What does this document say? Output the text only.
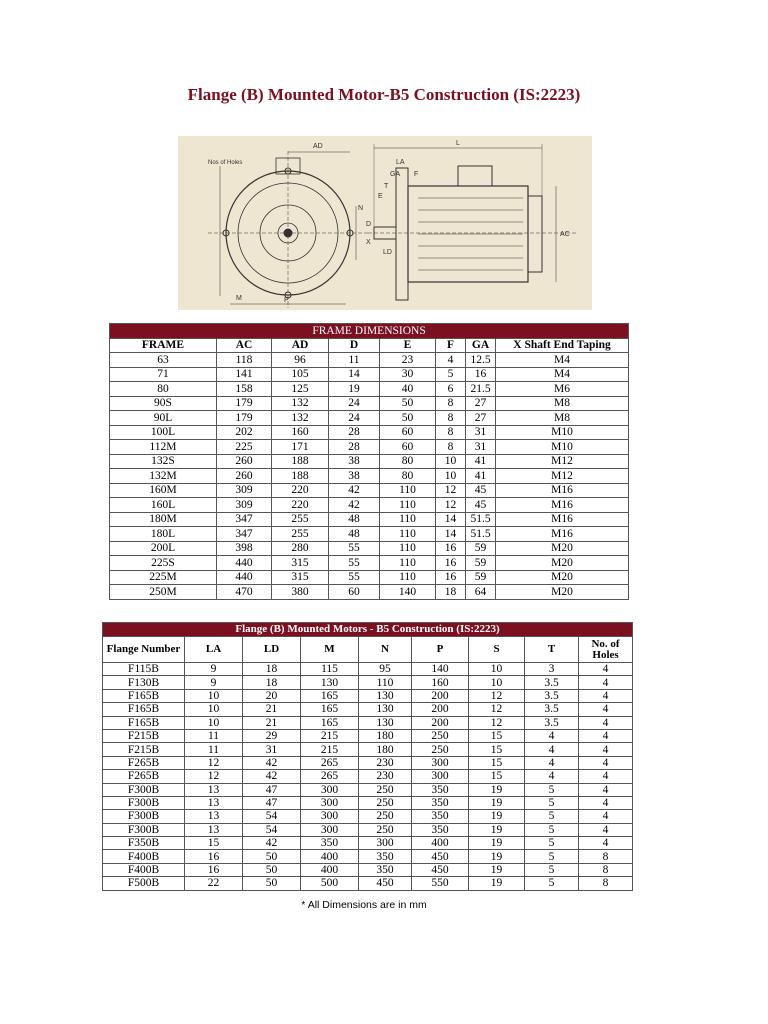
Flange (B) Mounted Motor-B5 Construction (IS:2223)
AD	L
LA
LD
T
F
GA
E
AC
D
X
N
M	P
Nos of Holes
FRAME DIMENSIONS							
FRAME	AC	AD	D	E	F	GA	X Shaft End Taping
63	118	96	11	23	4	12.5	M4
71	141	105	14	30	5	16	M4
80	158	125	19	40	6	21.5	M6
90S	179	132	24	50	8	27	M8
90L	179	132	24	50	8	27	M8
100L	202	160	28	60	8	31	M10
112M	225	171	28	60	8	31	M10
132S	260	188	38	80	10	41	M12
132M	260	188	38	80	10	41	M12
160M	309	220	42	110	12	45	M16
160L	309	220	42	110	12	45	M16
180M	347	255	48	110	14	51.5	M16
180L	347	255	48	110	14	51.5	M16
200L	398	280	55	110	16	59	M20
225S	440	315	55	110	16	59	M20
225M	440	315	55	110	16	59	M20
250M	470	380	60	140	18	64	M20
Flange (B) Mounted Motors - B5 Construction (IS:2223)								
Flange Number	LA	LD	M	N	P	S	T	No. of Holes
F115B	9	18	115	95	140	10	3	4
F130B	9	18	130	110	160	10	3.5	4
F165B	10	20	165	130	200	12	3.5	4
F165B	10	21	165	130	200	12	3.5	4
F165B	10	21	165	130	200	12	3.5	4
F215B	11	29	215	180	250	15	4	4
F215B	11	31	215	180	250	15	4	4
F265B	12	42	265	230	300	15	4	4
F265B	12	42	265	230	300	15	4	4
F300B	13	47	300	250	350	19	5	4
F300B	13	47	300	250	350	19	5	4
F300B	13	54	300	250	350	19	5	4
F300B	13	54	300	250	350	19	5	4
F350B	15	42	350	300	400	19	5	4
F400B	16	50	400	350	450	19	5	8
F400B	16	50	400	350	450	19	5	8
F500B	22	50	500	450	550	19	5	8
* All Dimensions are in mm
